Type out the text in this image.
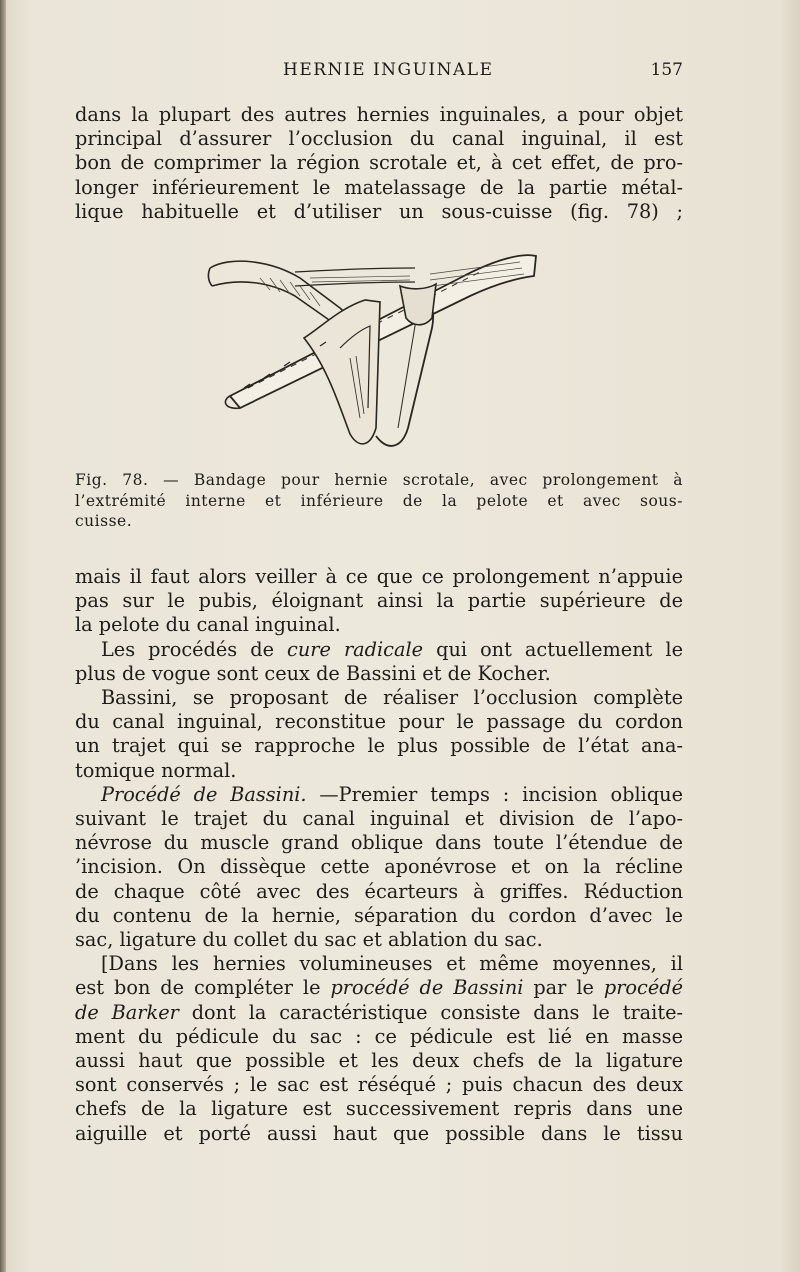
HERNIE INGUINALE	157
dans la plupart des autres hernies inguinales, a pour objet
principal d’assurer l’occlusion du canal inguinal, il est
bon de comprimer la région scrotale et, à cet effet, de pro-
longer inférieurement le matelassage de la partie métal-
lique habituelle et d’utiliser un sous-cuisse (fig. 78) ;
Fig. 78. — Bandage pour hernie scrotale, avec prolongement à
l’extrémité interne et inférieure de la pelote et avec sous-
cuisse.
mais il faut alors veiller à ce que ce prolongement n’appuie
pas sur le pubis, éloignant ainsi la partie supérieure de
la pelote du canal inguinal.
Les procédés de cure radicale qui ont actuellement le
plus de vogue sont ceux de Bassini et de Kocher.
Bassini, se proposant de réaliser l’occlusion complète
du canal inguinal, reconstitue pour le passage du cordon
un trajet qui se rapproche le plus possible de l’état ana-
tomique normal.
Procédé de Bassini. —Premier temps : incision oblique
suivant le trajet du canal inguinal et division de l’apo-
névrose du muscle grand oblique dans toute l’étendue de
’incision. On dissèque cette aponévrose et on la récline
de chaque côté avec des écarteurs à griffes. Réduction
du contenu de la hernie, séparation du cordon d’avec le
sac, ligature du collet du sac et ablation du sac.
[Dans les hernies volumineuses et même moyennes, il
est bon de compléter le procédé de Bassini par le procédé
de Barker dont la caractéristique consiste dans le traite-
ment du pédicule du sac : ce pédicule est lié en masse
aussi haut que possible et les deux chefs de la ligature
sont conservés ; le sac est réséqué ; puis chacun des deux
chefs de la ligature est successivement repris dans une
aiguille et porté aussi haut que possible dans le tissu
